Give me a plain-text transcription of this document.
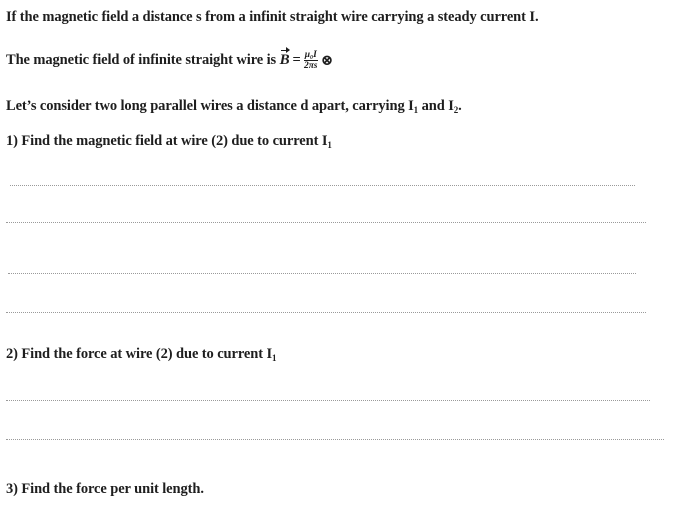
If the magnetic field a distance s from a infinit straight wire carrying a steady current I.
The magnetic field of infinite straight wire is $B = \frac{\text{μ₀I}}{2\pi s}$ ⊗
Let’s consider two long parallel wires a distance d apart, carrying $I_1$ and $I_2$.
1) Find the magnetic field at wire (2) due to current $I_1$
2) Find the force at wire (2) due to current $I_1$
3) Find the force per unit length.
